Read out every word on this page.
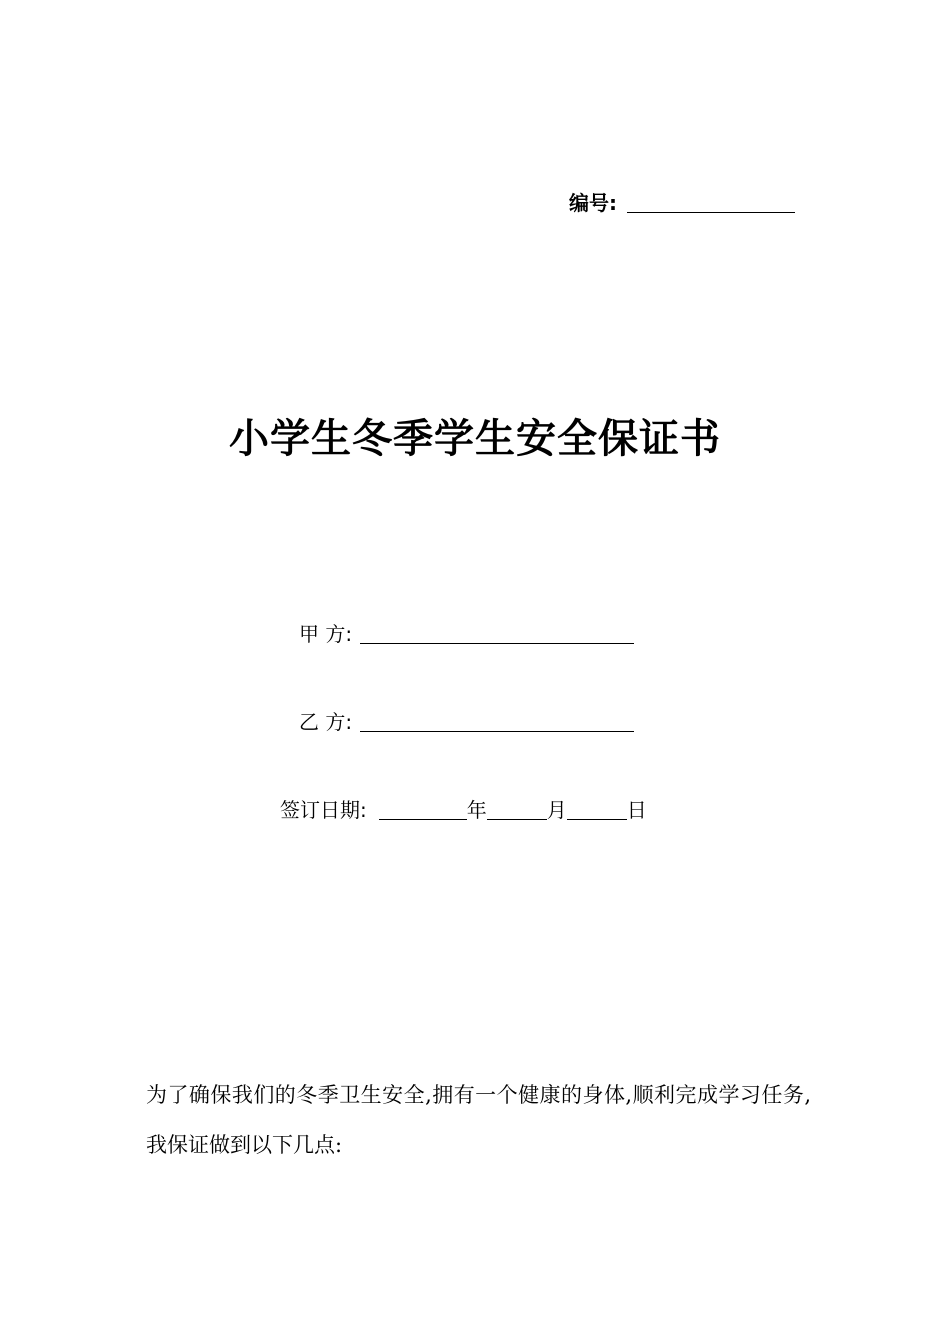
编号:
小学生冬季学生安全保证书
甲 方:
乙 方:
签订日期:	年	月	日
为了确保我们的冬季卫生安全,拥有一个健康的身体,顺利完成学习任务,我保证做到以下几点:
